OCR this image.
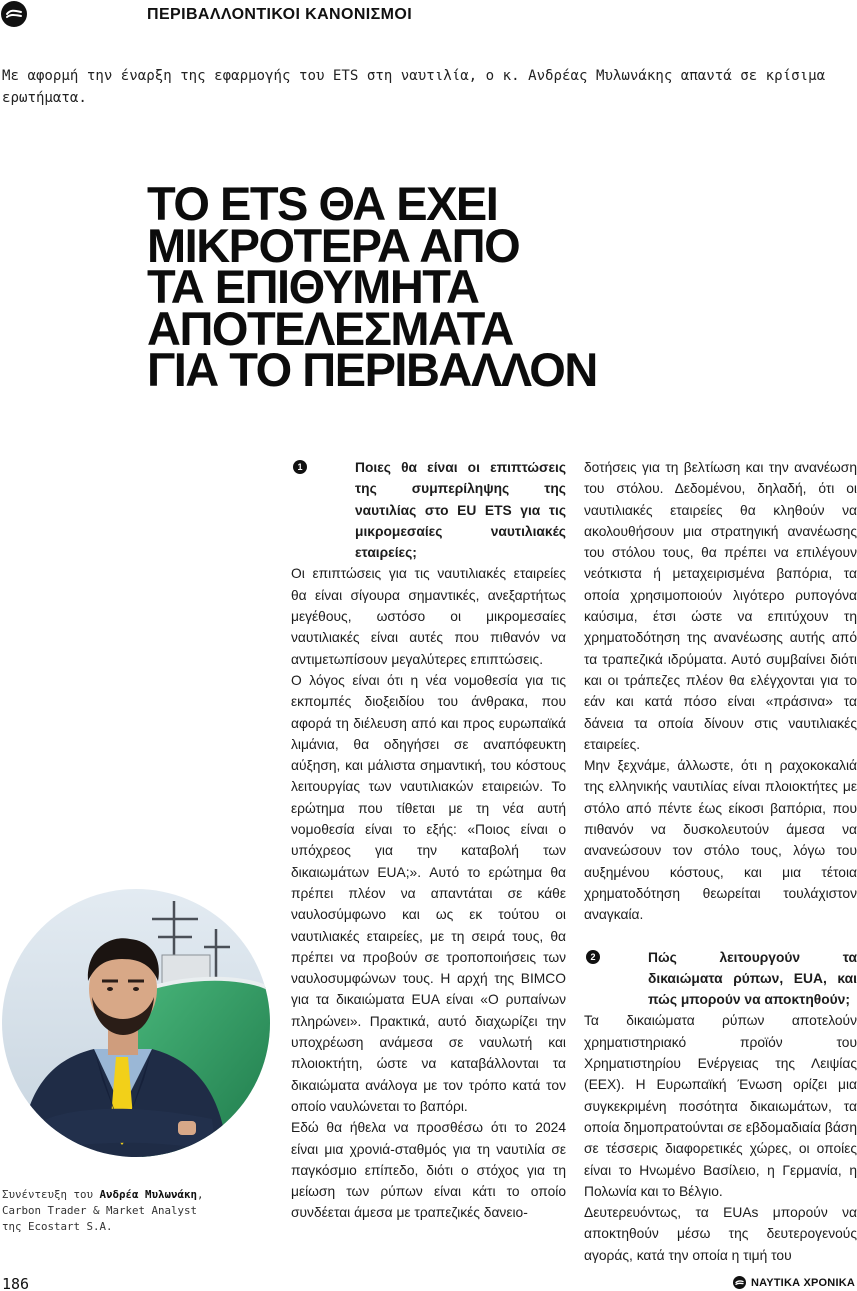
ΠΕΡΙΒΑΛΛΟΝΤΙΚΟΙ ΚΑΝΟΝΙΣΜΟΙ

Με αφορμή την έναρξη της εφαρμογής του ETS στη ναυτιλία, ο κ. Ανδρέας Μυλωνάκης απαντά σε κρίσιμα ερωτήματα.

ΤΟ ETS ΘΑ ΕΧΕΙ
ΜΙΚΡΟΤΕΡΑ ΑΠΟ
ΤΑ ΕΠΙΘΥΜΗΤΑ
ΑΠΟΤΕΛΕΣΜΑΤΑ
ΓΙΑ ΤΟ ΠΕΡΙΒΑΛΛΟΝ
1	Ποιες θα είναι οι επιπτώσεις της συμπερίληψης της ναυτιλίας στο EU ETS για τις μικρομεσαίες ναυτιλιακές εταιρείες;

Οι επιπτώσεις για τις ναυτιλιακές εταιρείες θα είναι σίγουρα σημαντικές, ανεξαρτήτως μεγέθους, ωστόσο οι μικρομεσαίες ναυτιλιακές είναι αυτές που πιθανόν να αντιμετωπίσουν μεγαλύτερες επιπτώσεις.

Ο λόγος είναι ότι η νέα νομοθεσία για τις εκπομπές διοξειδίου του άνθρακα, που αφορά τη διέλευση από και προς ευρωπαϊκά λιμάνια, θα οδηγήσει σε αναπόφευκτη αύξηση, και μάλιστα σημαντική, του κόστους λειτουργίας των ναυτιλιακών εταιρειών. Το ερώτημα που τίθεται με τη νέα αυτή νομοθεσία είναι το εξής: «Ποιος είναι ο υπόχρεος για την καταβολή των δικαιωμάτων EUA;». Αυτό το ερώτημα θα πρέπει πλέον να απαντάται σε κάθε ναυλοσύμφωνο και ως εκ τούτου οι ναυτιλιακές εταιρείες, με τη σειρά τους, θα πρέπει να προβούν σε τροποποιήσεις των ναυλοσυμφώνων τους. Η αρχή της BIMCO για τα δικαιώματα EUA είναι «Ο ρυπαίνων πληρώνει». Πρακτικά, αυτό διαχωρίζει την υποχρέωση ανάμεσα σε ναυλωτή και πλοιοκτήτη, ώστε να καταβάλλονται τα δικαιώματα ανάλογα με τον τρόπο κατά τον οποίο ναυλώνεται το βαπόρι.

Εδώ θα ήθελα να προσθέσω ότι το 2024 είναι μια χρονιά-σταθμός για τη ναυτιλία σε παγκόσμιο επίπεδο, διότι ο στόχος για τη μείωση των ρύπων είναι κάτι το οποίο συνδέεται άμεσα με τραπεζικές δανειο-

δοτήσεις για τη βελτίωση και την ανανέωση του στόλου. Δεδομένου, δηλαδή, ότι οι ναυτιλιακές εταιρείες θα κληθούν να ακολουθήσουν μια στρατηγική ανανέωσης του στόλου τους, θα πρέπει να επιλέγουν νεότκιστα ή μεταχειρισμένα βαπόρια, τα οποία χρησιμοποιούν λιγότερο ρυπογόνα καύσιμα, έτσι ώστε να επιτύχουν τη χρηματοδότηση της ανανέωσης αυτής από τα τραπεζικά ιδρύματα. Αυτό συμβαίνει διότι και οι τράπεζες πλέον θα ελέγχονται για το εάν και κατά πόσο είναι «πράσινα» τα δάνεια τα οποία δίνουν στις ναυτιλιακές εταιρείες.

Μην ξεχνάμε, άλλωστε, ότι η ραχοκοκαλιά της ελληνικής ναυτιλίας είναι πλοιοκτήτες με στόλο από πέντε έως είκοσι βαπόρια, που πιθανόν να δυσκολευτούν άμεσα να ανανεώσουν τον στόλο τους, λόγω του αυξημένου κόστους, και μια τέτοια χρηματοδότηση θεωρείται τουλάχιστον αναγκαία.

2	Πώς λειτουργούν τα δικαιώματα ρύπων, EUA, και πώς μπορούν να αποκτηθούν;

Τα δικαιώματα ρύπων αποτελούν χρηματιστηριακό προϊόν του Χρηματιστηρίου Ενέργειας της Λειψίας (EEX). Η Ευρωπαϊκή Ένωση ορίζει μια συγκεκριμένη ποσότητα δικαιωμάτων, τα οποία δημοπρατούνται σε εβδομαδιαία βάση σε τέσσερις διαφορετικές χώρες, οι οποίες είναι το Ηνωμένο Βασίλειο, η Γερμανία, η Πολωνία και το Βέλγιο.

Δευτερευόντως, τα EUAs μπορούν να αποκτηθούν μέσω της δευτερογενούς αγοράς, κατά την οποία η τιμή του

Συνέντευξη του Ανδρέα Μυλωνάκη,
Carbon Trader & Market Analyst
της Ecostart S.A.
186	ΝΑΥΤΙΚΑ ΧΡΟΝΙΚΑ
